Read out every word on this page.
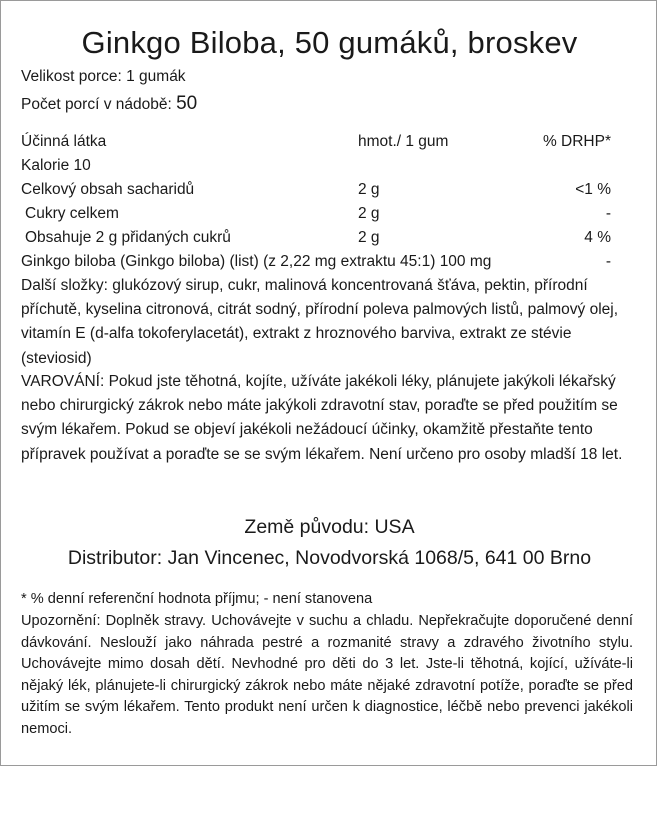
Ginkgo Biloba, 50 gumáků, broskev
Velikost porce: 1 gumák
Počet porcí v nádobě: 50
Účinná látka	hmot./ 1 gum	% DRHP*
Kalorie 10
Celkový obsah sacharidů	2 g	<1 %
Cukry celkem	2 g	-
Obsahuje 2 g přidaných cukrů	2 g	4 %
Ginkgo biloba (Ginkgo biloba) (list) (z 2,22 mg extraktu 45:1) 100 mg	-
Další složky: glukózový sirup, cukr, malinová koncentrovaná šťáva, pektin, přírodní příchutě, kyselina citronová, citrát sodný, přírodní poleva palmových listů, palmový olej, vitamín E (d-alfa tokoferylacetát), extrakt z hroznového barviva, extrakt ze stévie (steviosid)
VAROVÁNÍ: Pokud jste těhotná, kojíte, užíváte jakékoli léky, plánujete jakýkoli lékařský nebo chirurgický zákrok nebo máte jakýkoli zdravotní stav, poraďte se před použitím se svým lékařem. Pokud se objeví jakékoli nežádoucí účinky, okamžitě přestaňte tento přípravek používat a poraďte se se svým lékařem. Není určeno pro osoby mladší 18 let.
Země původu: USA
Distributor: Jan Vincenec, Novodvorská 1068/5, 641 00 Brno
* % denní referenční hodnota příjmu; - není stanovena
Upozornění: Doplněk stravy. Uchovávejte v suchu a chladu. Nepřekračujte doporučené denní dávkování. Neslouží jako náhrada pestré a rozmanité stravy a zdravého životního stylu. Uchovávejte mimo dosah dětí. Nevhodné pro děti do 3 let. Jste-li těhotná, kojící, užíváte-li nějaký lék, plánujete-li chirurgický zákrok nebo máte nějaké zdravotní potíže, poraďte se před užitím se svým lékařem. Tento produkt není určen k diagnostice, léčbě nebo prevenci jakékoli nemoci.
